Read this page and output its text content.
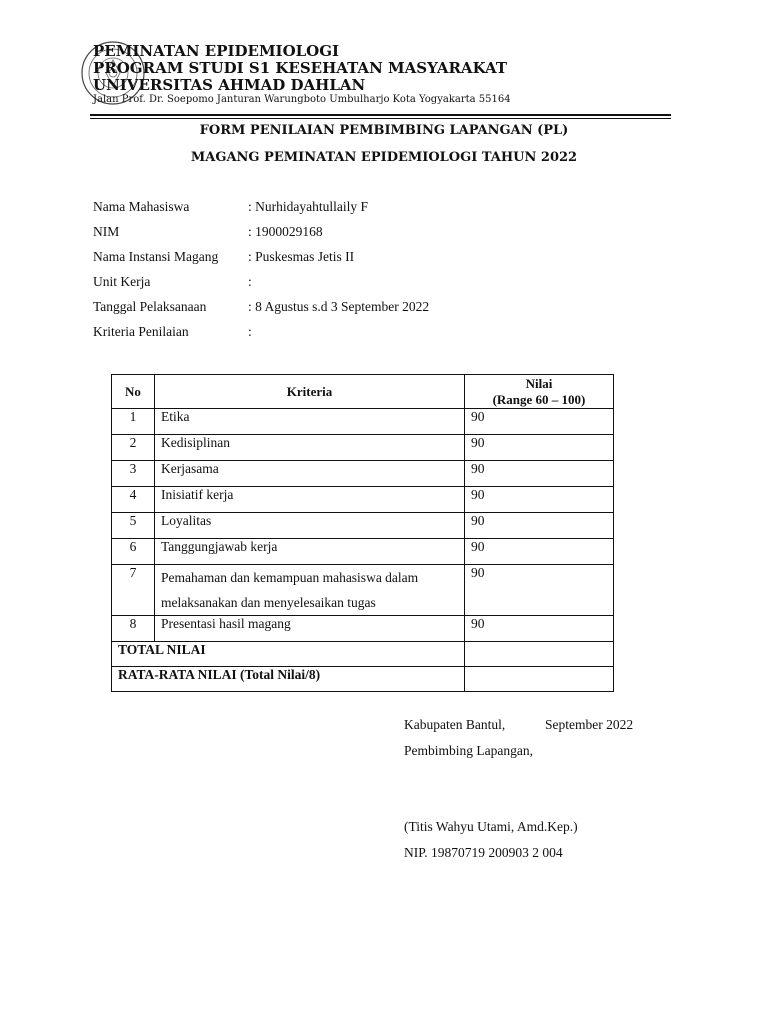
PEMINATAN EPIDEMIOLOGI
PROGRAM STUDI S1 KESEHATAN MASYARAKAT
UNIVERSITAS AHMAD DAHLAN
Jalan Prof. Dr. Soepomo Janturan Warungboto Umbulharjo Kota Yogyakarta 55164
FORM PENILAIAN PEMBIMBING LAPANGAN (PL)
MAGANG PEMINATAN EPIDEMIOLOGI TAHUN 2022
Nama Mahasiswa	: Nurhidayahtullaily F
NIM	: 1900029168
Nama Instansi Magang : Puskesmas Jetis II
Unit Kerja	:
Tanggal Pelaksanaan	: 8 Agustus s.d 3 September 2022
Kriteria Penilaian	:
No	Kriteria	Nilai
(Range 60 – 100)

1	Etika	90
2	Kedisiplinan	90
3	Kerjasama	90
4	Inisiatif kerja	90
5	Loyalitas	90
6	Tanggungjawab kerja	90
7	Pemahaman dan kemampuan mahasiswa dalam
melaksanakan dan menyelesaikan tugas	90
8	Presentasi hasil magang	90
TOTAL NILAI		
RATA-RATA NILAI (Total Nilai/8)		
Kabupaten Bantul,	September 2022
Pembimbing Lapangan,
(Titis Wahyu Utami, Amd.Kep.)
NIP. 19870719 200903 2 004
